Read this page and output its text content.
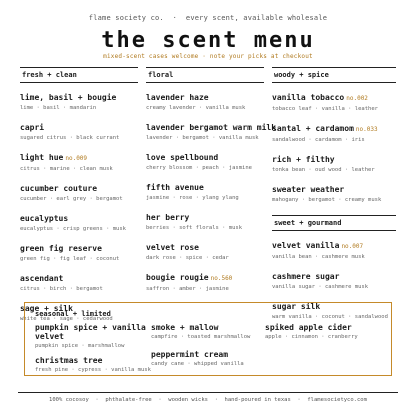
flame society co.  ·  every scent, available wholesale
the scent menu
mixed-scent cases welcome · note your picks at checkout
fresh + clean
lime, basil + bougie
lime · basil · mandarin
capri
sugared citrus · black currant
light hue no.009
citrus · marine · clean musk
cucumber couture
cucumber · earl grey · bergamot
eucalyptus
eucalyptus · crisp greens · musk
green fig reserve
green fig · fig leaf · coconut
ascendant
citrus · birch · bergamot
sage + silk
white tea · sage · cedarwood
floral
lavender haze
creamy lavender · vanilla musk
lavender bergamot warm milk
lavender · bergamot · vanilla musk
love spellbound
cherry blossom · peach · jasmine
fifth avenue
jasmine · rose · ylang ylang
her berry
berries · soft florals · musk
velvet rose
dark rose · spice · cedar
bougie rougie no.560
saffron · amber · jasmine
woody + spice
vanilla tobacco no.002
tobacco leaf · vanilla · leather
santal + cardamom no.033
sandalwood · cardamom · iris
rich + filthy
tonka bean · oud wood · leather
sweater weather
mahogany · bergamot · creamy musk
sweet + gourmand
velvet vanilla no.007
vanilla bean · cashmere musk
cashmere sugar
vanilla sugar · cashmere musk
sugar silk
warm vanilla · coconut · sandalwood
seasonal + limited
pumpkin spice + vanilla velvet
pumpkin spice · marshmallow
christmas tree
fresh pine · cypress · vanilla musk
smoke + mallow
campfire · toasted marshmallow
peppermint cream
candy cane · whipped vanilla
spiked apple cider
apple · cinnamon · cranberry
100% cocosoy  ·  phthalate-free  ·  wooden wicks  ·  hand-poured in texas  ·  flamesocietyco.com
